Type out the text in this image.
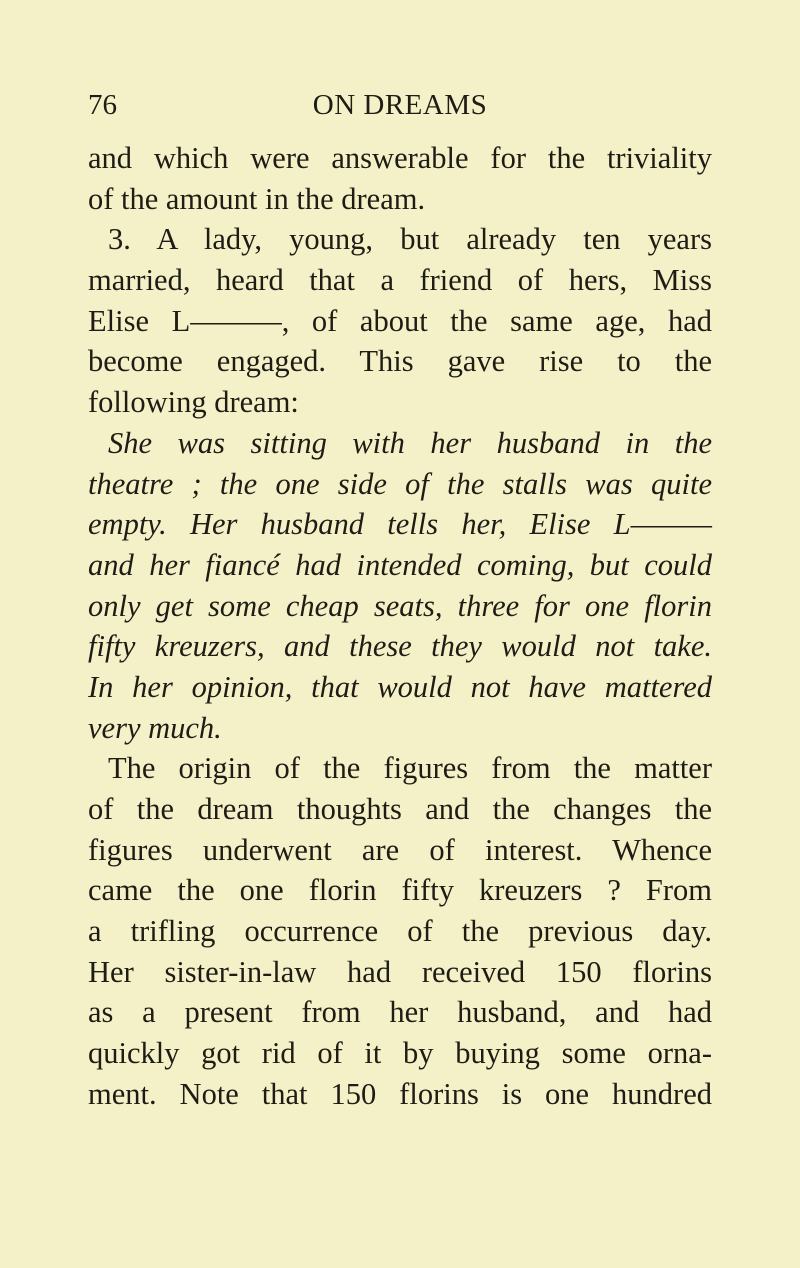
76	ON DREAMS
and which were answerable for the triviality
of the amount in the dream.
3. A lady, young, but already ten years
married, heard that a friend of hers, Miss
Elise L———, of about the same age, had
become engaged. This gave rise to the
following dream:
She was sitting with her husband in the
theatre ; the one side of the stalls was quite
empty. Her husband tells her, Elise L———
and her fiancé had intended coming, but could
only get some cheap seats, three for one florin
fifty kreuzers, and these they would not take.
In her opinion, that would not have mattered
very much.
The origin of the figures from the matter
of the dream thoughts and the changes the
figures underwent are of interest. Whence
came the one florin fifty kreuzers ? From
a trifling occurrence of the previous day.
Her sister-in-law had received 150 florins
as a present from her husband, and had
quickly got rid of it by buying some orna-
ment. Note that 150 florins is one hundred
